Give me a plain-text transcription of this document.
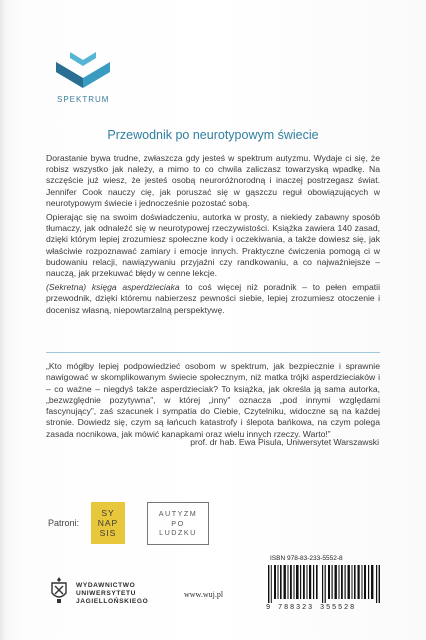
SPEKTRUM
Przewodnik po neurotypowym świecie

Dorastanie bywa trudne, zwłaszcza gdy jesteś w spektrum autyzmu. Wydaje ci się, że robisz wszystko jak należy, a mimo to co chwila zaliczasz towarzyską wpadkę. Na szczęście już wiesz, że jesteś osobą neuroróżnorodną i inaczej postrzegasz świat. Jennifer Cook nauczy cię, jak poruszać się w gąszczu reguł obowiązujących w neurotypowym świecie i jednocześnie pozostać sobą.

Opierając się na swoim doświadczeniu, autorka w prosty, a niekiedy zabawny sposób tłumaczy, jak odnaleźć się w neurotypowej rzeczywistości. Książka zawiera 140 zasad, dzięki którym lepiej zrozumiesz społeczne kody i oczekiwania, a także dowiesz się, jak właściwie rozpoznawać zamiary i emocje innych. Praktyczne ćwiczenia pomogą ci w budowaniu relacji, nawiązywaniu przyjaźni czy randkowaniu, a co najważniejsze – nauczą, jak przekuwać błędy w cenne lekcje.

(Sekretna) księga asperdzieciaka to coś więcej niż poradnik – to pełen empatii przewodnik, dzięki któremu nabierzesz pewności siebie, lepiej zrozumiesz otoczenie i docenisz własną, niepowtarzalną perspektywę.

„Kto mógłby lepiej podpowiedzieć osobom w spektrum, jak bezpiecznie i sprawnie nawigować w skomplikowanym świecie społecznym, niż matka trójki asperdzieciaków i – co ważne – niegdyś także asperdzieciak? To książka, jak określa ją sama autorka, „bezwzględnie pozytywna”, w której „inny” oznacza „pod innymi względami fascynujący”, zaś szacunek i sympatia do Ciebie, Czytelniku, widoczne są na każdej stronie. Dowiedz się, czym są łańcuch katastrofy i ślepota bańkowa, na czym polega zasada nocnikowa, jak mówić kanapkami oraz wielu innych rzeczy. Warto!”
prof. dr hab. Ewa Pisula, Uniwersytet Warszawski
Patroni:
SY
NAP
SIS
AUTYZM
PO
LUDZKU
WYDAWNICTWO
UNIWERSYTETU
JAGIELLOŃSKIEGO
www.wuj.pl
ISBN 978-83-233-5552-8
9 788323 355528
